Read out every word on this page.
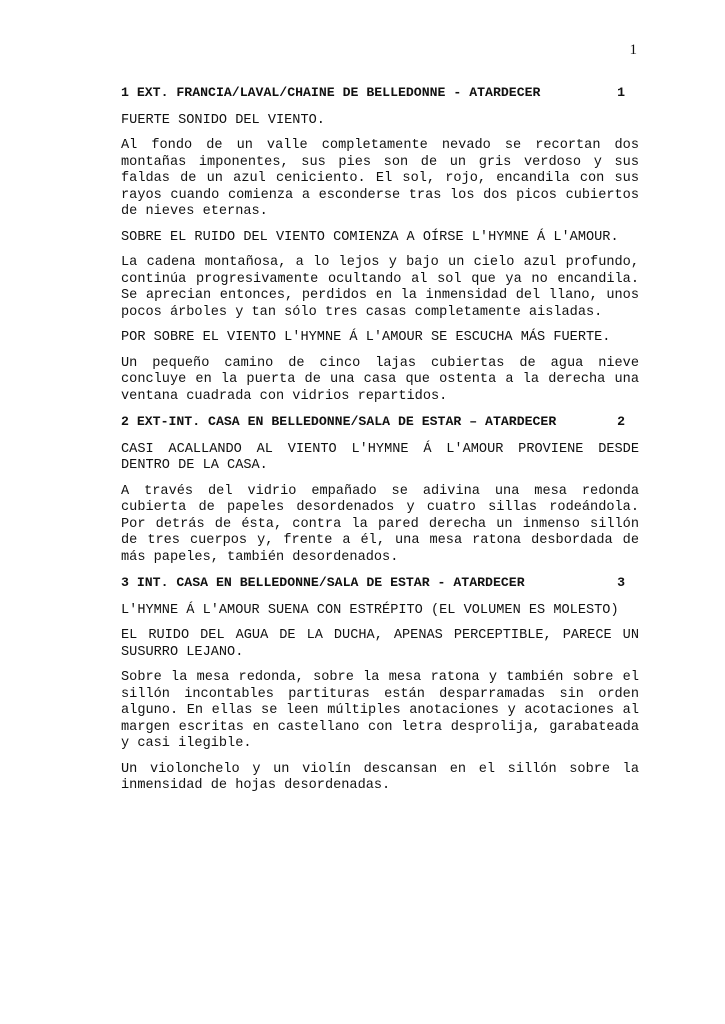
1
1 EXT. FRANCIA/LAVAL/CHAINE DE BELLEDONNE - ATARDECER	1

FUERTE SONIDO DEL VIENTO.

Al fondo de un valle completamente nevado se recortan dos montañas imponentes, sus pies son de un gris verdoso y sus faldas de un azul ceniciento. El sol, rojo, encandila con sus rayos cuando comienza a esconderse tras los dos picos cubiertos de nieves eternas.

SOBRE EL RUIDO DEL VIENTO COMIENZA A OÍRSE L'HYMNE Á L'AMOUR.

La cadena montañosa, a lo lejos y bajo un cielo azul profundo, continúa progresivamente ocultando al sol que ya no encandila. Se aprecian entonces, perdidos en la inmensidad del llano, unos pocos árboles y tan sólo tres casas completamente aisladas.

POR SOBRE EL VIENTO L'HYMNE Á L'AMOUR SE ESCUCHA MÁS FUERTE.

Un pequeño camino de cinco lajas cubiertas de agua nieve concluye en la puerta de una casa que ostenta a la derecha una ventana cuadrada con vidrios repartidos.

2 EXT-INT. CASA EN BELLEDONNE/SALA DE ESTAR – ATARDECER	2

CASI ACALLANDO AL VIENTO L'HYMNE Á L'AMOUR PROVIENE DESDE DENTRO DE LA CASA.

A través del vidrio empañado se adivina una mesa redonda cubierta de papeles desordenados y cuatro sillas rodeándola. Por detrás de ésta, contra la pared derecha un inmenso sillón de tres cuerpos y, frente a él, una mesa ratona desbordada de más papeles, también desordenados.

3 INT. CASA EN BELLEDONNE/SALA DE ESTAR - ATARDECER	3

L'HYMNE Á L'AMOUR SUENA CON ESTRÉPITO (EL VOLUMEN ES MOLESTO)

EL RUIDO DEL AGUA DE LA DUCHA, APENAS PERCEPTIBLE, PARECE UN SUSURRO LEJANO.

Sobre la mesa redonda, sobre la mesa ratona y también sobre el sillón incontables partituras están desparramadas sin orden alguno. En ellas se leen múltiples anotaciones y acotaciones al margen escritas en castellano con letra desprolija, garabateada y casi ilegible.

Un violonchelo y un violín descansan en el sillón sobre la inmensidad de hojas desordenadas.
